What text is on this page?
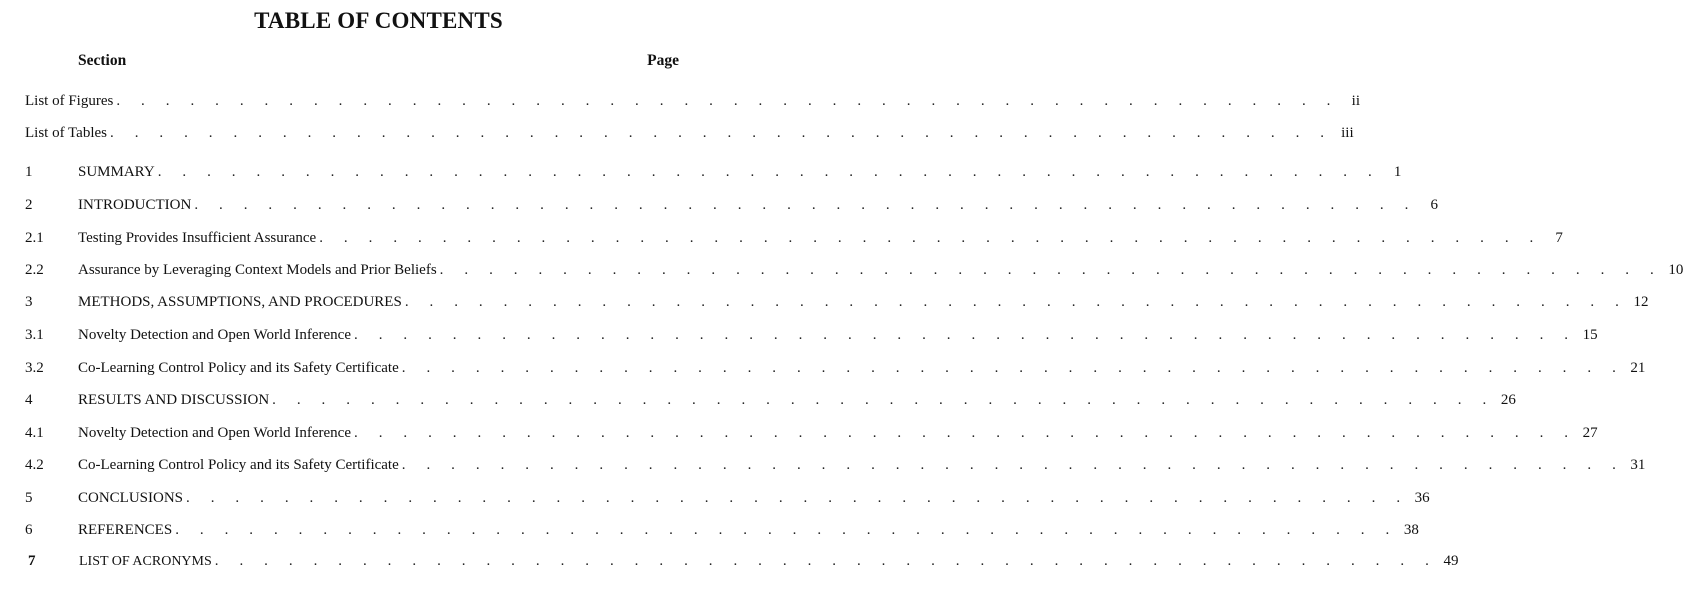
TABLE OF CONTENTS
Section	Page
List of Figures . . . . . . . . . . . . . . . . . . . . . . . . . . . . . . . . . . . . . . . . . . . . . . . . . . ii
List of Tables . . . . . . . . . . . . . . . . . . . . . . . . . . . . . . . . . . . . . . . . . . . . . . . . . . iii
1	SUMMARY . . . . . . . . . . . . . . . . . . . . . . . . . . . . . . . . . . . . . . . . . . . . . . . . . . 1
2	INTRODUCTION . . . . . . . . . . . . . . . . . . . . . . . . . . . . . . . . . . . . . . . . . . . . . . . . . . 6
2.1	Testing Provides Insufficient Assurance . . . . . . . . . . . . . . . . . . . . . . . . . . . . . . . . . . . . . . . . . . . . . . . . . . 7
2.2	Assurance by Leveraging Context Models and Prior Beliefs . . . . . . . . . . . . . . . . . . . . . . . . . . . . . . . . . . . . . . . . . . . . . . . . . . 10
3	METHODS, ASSUMPTIONS, AND PROCEDURES . . . . . . . . . . . . . . . . . . . . . . . . . . . . . . . . . . . . . . . . . . . . . . . . . . 12
3.1	Novelty Detection and Open World Inference . . . . . . . . . . . . . . . . . . . . . . . . . . . . . . . . . . . . . . . . . . . . . . . . . . 15
3.2	Co-Learning Control Policy and its Safety Certificate . . . . . . . . . . . . . . . . . . . . . . . . . . . . . . . . . . . . . . . . . . . . . . . . . . 21
4	RESULTS AND DISCUSSION . . . . . . . . . . . . . . . . . . . . . . . . . . . . . . . . . . . . . . . . . . . . . . . . . . 26
4.1	Novelty Detection and Open World Inference . . . . . . . . . . . . . . . . . . . . . . . . . . . . . . . . . . . . . . . . . . . . . . . . . . 27
4.2	Co-Learning Control Policy and its Safety Certificate . . . . . . . . . . . . . . . . . . . . . . . . . . . . . . . . . . . . . . . . . . . . . . . . . . 31
5	CONCLUSIONS . . . . . . . . . . . . . . . . . . . . . . . . . . . . . . . . . . . . . . . . . . . . . . . . . . 36
6	REFERENCES . . . . . . . . . . . . . . . . . . . . . . . . . . . . . . . . . . . . . . . . . . . . . . . . . . 38
7	LIST OF ACRONYMS . . . . . . . . . . . . . . . . . . . . . . . . . . . . . . . . . . . . . . . . . . . . . . . . . . 49
